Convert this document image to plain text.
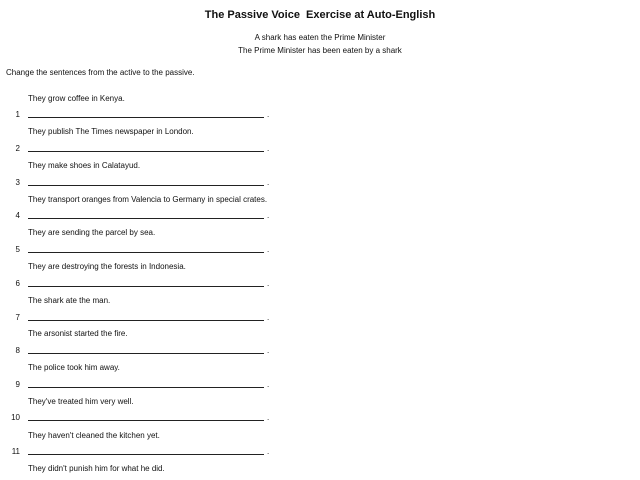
The Passive Voice  Exercise at Auto-English
A shark has eaten the Prime Minister
The Prime Minister has been eaten by a shark
Change the sentences from the active to the passive.
They grow coffee in Kenya.
1	.
They publish The Times newspaper in London.
2	.
They make shoes in Calatayud.
3	.
They transport oranges from Valencia to Germany in special crates.
4	.
They are sending the parcel by sea.
5	.
They are destroying the forests in Indonesia.
6	.
The shark ate the man.
7	.
The arsonist started the fire.
8	.
The police took him away.
9	.
They've treated him very well.
10	.
They haven't cleaned the kitchen yet.
11	.
They didn't punish him for what he did.
